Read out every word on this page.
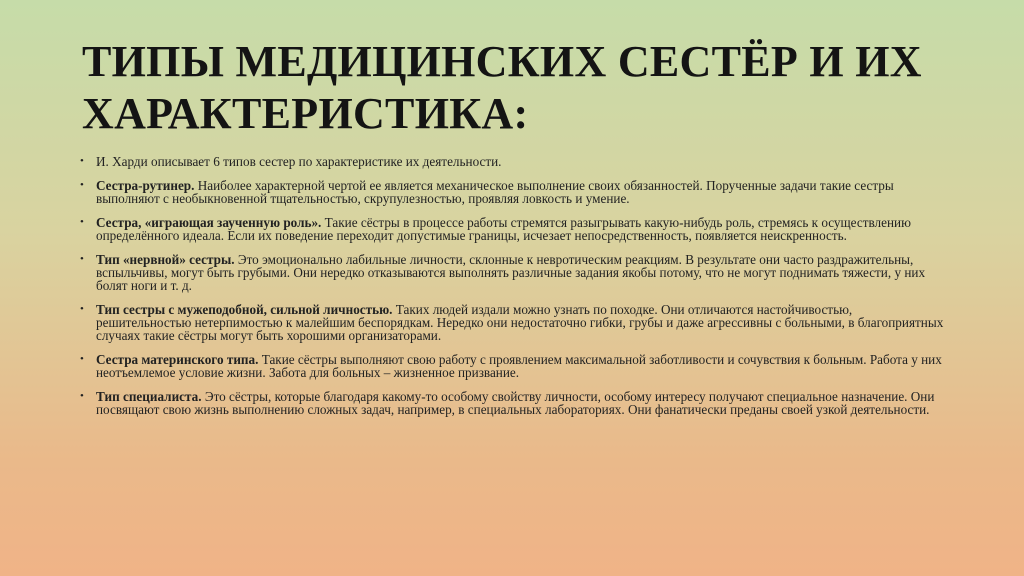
ТИПЫ МЕДИЦИНСКИХ СЕСТЁР И ИХ ХАРАКТЕРИСТИКА:
• И. Харди описывает 6 типов сестер по характеристике их деятельности.
• Сестра-рутинер. Наиболее характерной чертой ее является механическое выполнение своих обязанностей. Порученные задачи такие сестры выполняют с необыкновенной тщательностью, скрупулезностью, проявляя ловкость и умение.
• Сестра, «играющая заученную роль». Такие сёстры в процессе работы стремятся разыгрывать какую-нибудь роль, стремясь к осуществлению определённого идеала. Если их поведение переходит допустимые границы, исчезает непосредственность, появляется неискренность.
• Тип «нервной» сестры. Это эмоционально лабильные личности, склонные к невротическим реакциям. В результате они часто раздражительны, вспыльчивы, могут быть грубыми. Они нередко отказываются выполнять различные задания якобы потому, что не могут поднимать тяжести, у них болят ноги и т. д.
• Тип сестры с мужеподобной, сильной личностью. Таких людей издали можно узнать по походке. Они отличаются настойчивостью, решительностью нетерпимостью к малейшим беспорядкам. Нередко они недостаточно гибки, грубы и даже агрессивны с больными, в благоприятных случаях такие сёстры могут быть хорошими организаторами.
• Сестра материнского типа. Такие сёстры выполняют свою работу с проявлением максимальной заботливости и сочувствия к больным. Работа у них неотъемлемое условие жизни. Забота для больных – жизненное призвание.
• Тип специалиста. Это сёстры, которые благодаря какому-то особому свойству личности, особому интересу получают специальное назначение. Они посвящают свою жизнь выполнению сложных задач, например, в специальных лабораториях. Они фанатически преданы своей узкой деятельности.
